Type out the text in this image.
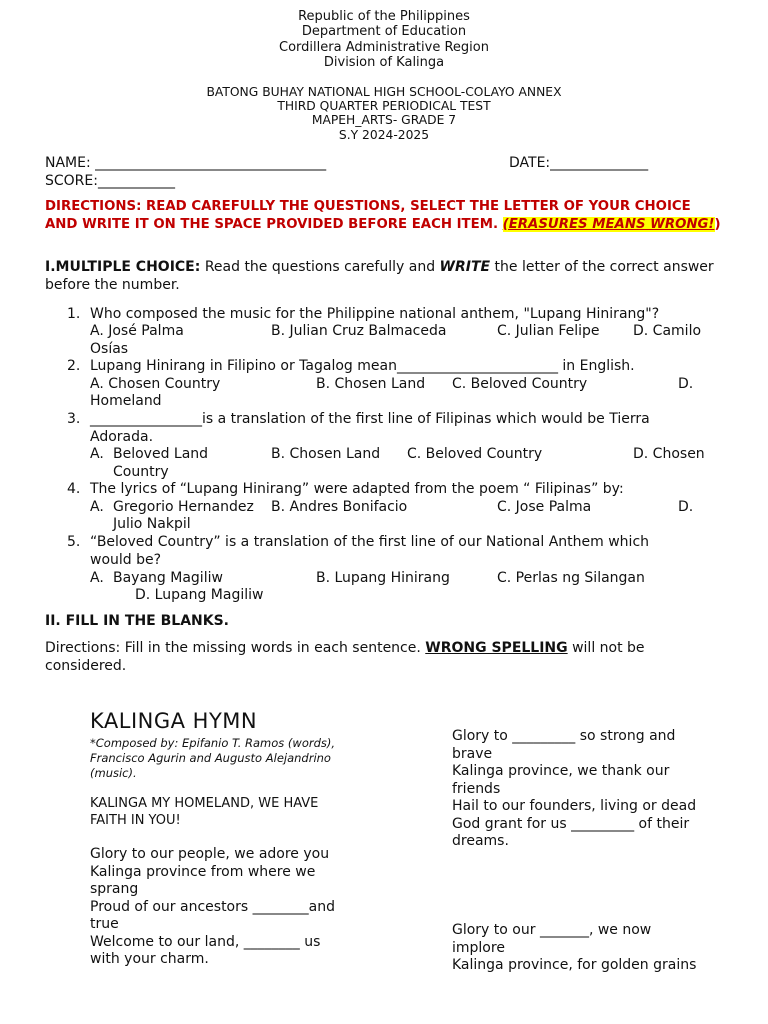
Republic of the Philippines
Department of Education
Cordillera Administrative Region
Division of Kalinga
BATONG BUHAY NATIONAL HIGH SCHOOL-COLAYO ANNEX
THIRD QUARTER PERIODICAL TEST
MAPEH_ARTS- GRADE 7
S.Y 2024-2025
NAME: _________________________________	DATE:______________
SCORE:___________
DIRECTIONS: READ CAREFULLY THE QUESTIONS, SELECT THE LETTER OF YOUR CHOICE AND WRITE IT ON THE SPACE PROVIDED BEFORE EACH ITEM. (ERASURES MEANS WRONG!)
I.MULTIPLE CHOICE: Read the questions carefully and WRITE the letter of the correct answer before the number.
1. Who composed the music for the Philippine national anthem, "Lupang Hinirang"?
A. José Palma	B. Julian Cruz Balmaceda	C. Julian Felipe D. Camilo
Osías
2. Lupang Hinirang in Filipino or Tagalog mean_______________________ in English.
A. Chosen Country	B. Chosen Land C. Beloved Country	D.
Homeland
3. ________________is a translation of the first line of Filipinas which would be Tierra
Adorada.
A. Beloved Land	B. Chosen Land C. Beloved Country	D. Chosen
Country
4. The lyrics of “Lupang Hinirang” were adapted from the poem “ Filipinas” by:
A. Gregorio Hernandez B. Andres Bonifacio	C. Jose Palma	D.
Julio Nakpil
5. “Beloved Country” is a translation of the first line of our National Anthem which
would be?
A. Bayang Magiliw	B. Lupang Hinirang	C. Perlas ng Silangan
D. Lupang Magiliw
II. FILL IN THE BLANKS.
Directions: Fill in the missing words in each sentence. WRONG SPELLING will not be considered.
KALINGA HYMN
*Composed by: Epifanio T. Ramos (words),
Francisco Agurin and Augusto Alejandrino
(music).
KALINGA MY HOMELAND, WE HAVE
FAITH IN YOU!
Glory to our people, we adore you
Kalinga province from where we
sprang
Proud of our ancestors ________and
true
Welcome to our land, ________ us
with your charm.
Glory to _________ so strong and
brave
Kalinga province, we thank our
friends
Hail to our founders, living or dead
God grant for us _________ of their
dreams.
Glory to our _______, we now
implore
Kalinga province, for golden grains
